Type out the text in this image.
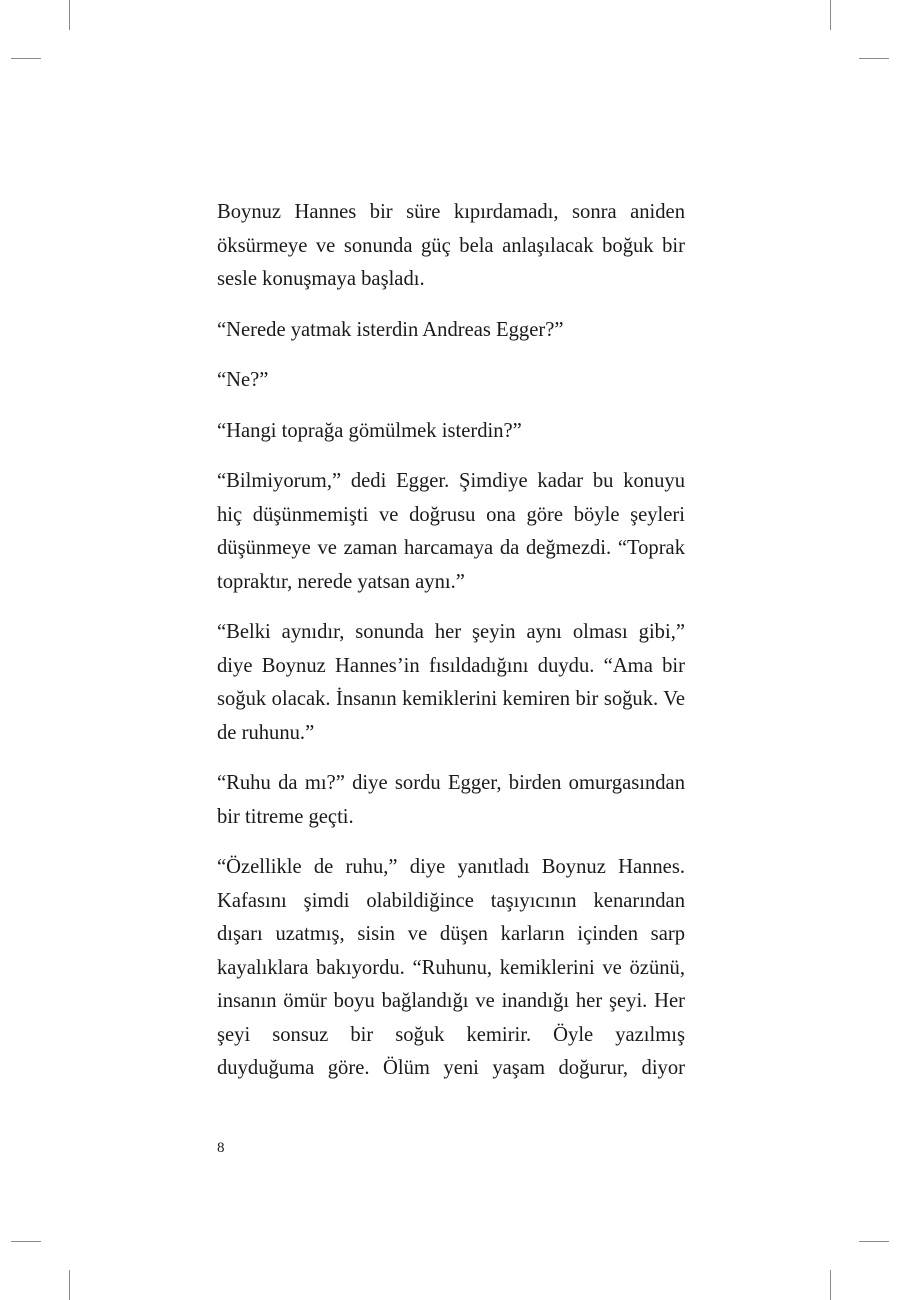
Boynuz Hannes bir süre kıpırdamadı, sonra aniden öksürmeye ve sonunda güç bela anlaşılacak boğuk bir sesle konuşmaya başladı.

“Nerede yatmak isterdin Andreas Egger?”

“Ne?”

“Hangi toprağa gömülmek isterdin?”

“Bilmiyorum,” dedi Egger. Şimdiye kadar bu konuyu hiç düşünmemişti ve doğrusu ona göre böyle şeyleri düşünmeye ve zaman harcamaya da değmezdi. “Toprak topraktır, nerede yatsan aynı.”

“Belki aynıdır, sonunda her şeyin aynı olması gibi,” diye Boynuz Hannes’in fısıldadığını duydu. “Ama bir soğuk olacak. İnsanın kemiklerini kemiren bir soğuk. Ve de ruhunu.”

“Ruhu da mı?” diye sordu Egger, birden omurgasından bir titreme geçti.

“Özellikle de ruhu,” diye yanıtladı Boynuz Hannes. Kafasını şimdi olabildiğince taşıyıcının kenarından dışarı uzatmış, sisin ve düşen karların içinden sarp kayalıklara bakıyordu. “Ruhunu, kemiklerini ve özünü, insanın ömür boyu bağlandığı ve inandığı her şeyi. Her şeyi sonsuz bir soğuk kemirir. Öyle yazılmış duyduğuma göre. Ölüm yeni yaşam doğurur, diyor

8
